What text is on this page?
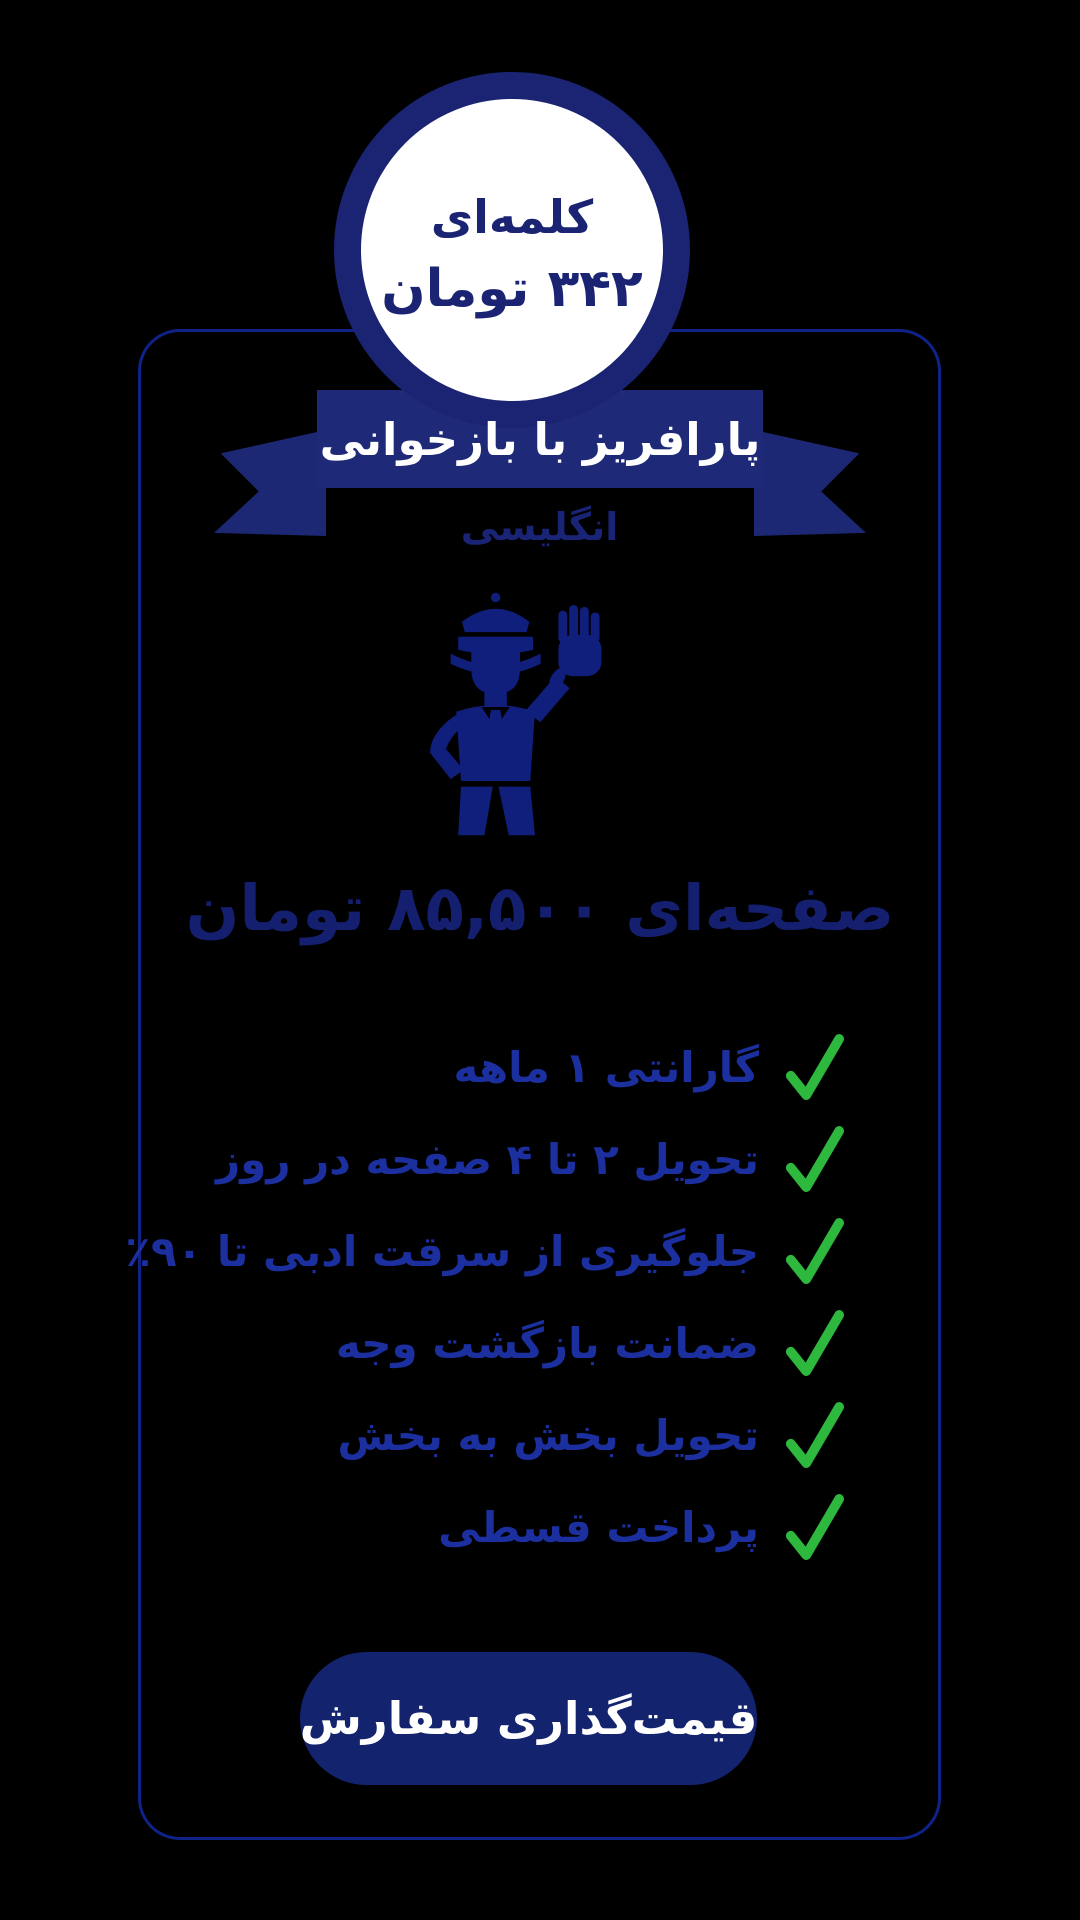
کلمه‌ای
۳۴۲ تومان
پارافریز با بازخوانی
انگلیسی
صفحه‌ای ۸۵,۵۰۰ تومان
گارانتی ۱ ماهه
تحویل ۲ تا ۴ صفحه در روز
جلوگیری از سرقت ادبی تا ۹۰٪
ضمانت بازگشت وجه
تحویل بخش به بخش
پرداخت قسطی
قیمت‌گذاری سفارش
